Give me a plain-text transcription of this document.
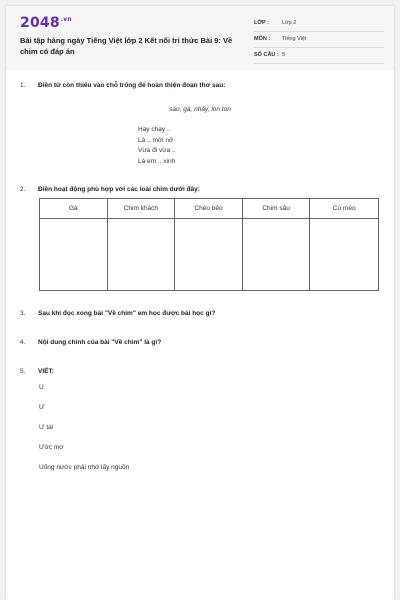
$2048^{.vn}$
Bài tập hàng ngày Tiếng Việt lớp 2 Kết nối tri thức Bài 9: Về chim có đáp án
LỚP :	Lớp 2
MÔN :	Tiếng Việt
SỐ CÂU : 5
1. Điền từ còn thiếu vào chỗ trống để hoàn thiện đoạn thơ sau:
sáo, gà, nhảy, lon ton
Hay chạy ..
Là .. mới nở
Vừa đi vừa ..
Là em .. xinh
2. Điền hoạt động phù hợp với các loài chim dưới đây:
Gà	Chim khách	Chèo bẻo	Chim sâu	Cú mèo
3. Sau khi đọc xong bài "Về chim" em học được bài học gì?
4. Nội dung chính của bài "Về chim" là gì?
5. VIẾT:
U
Ư
Ư tai
Ước mơ
Uống nước phải nhớ lấy nguồn
